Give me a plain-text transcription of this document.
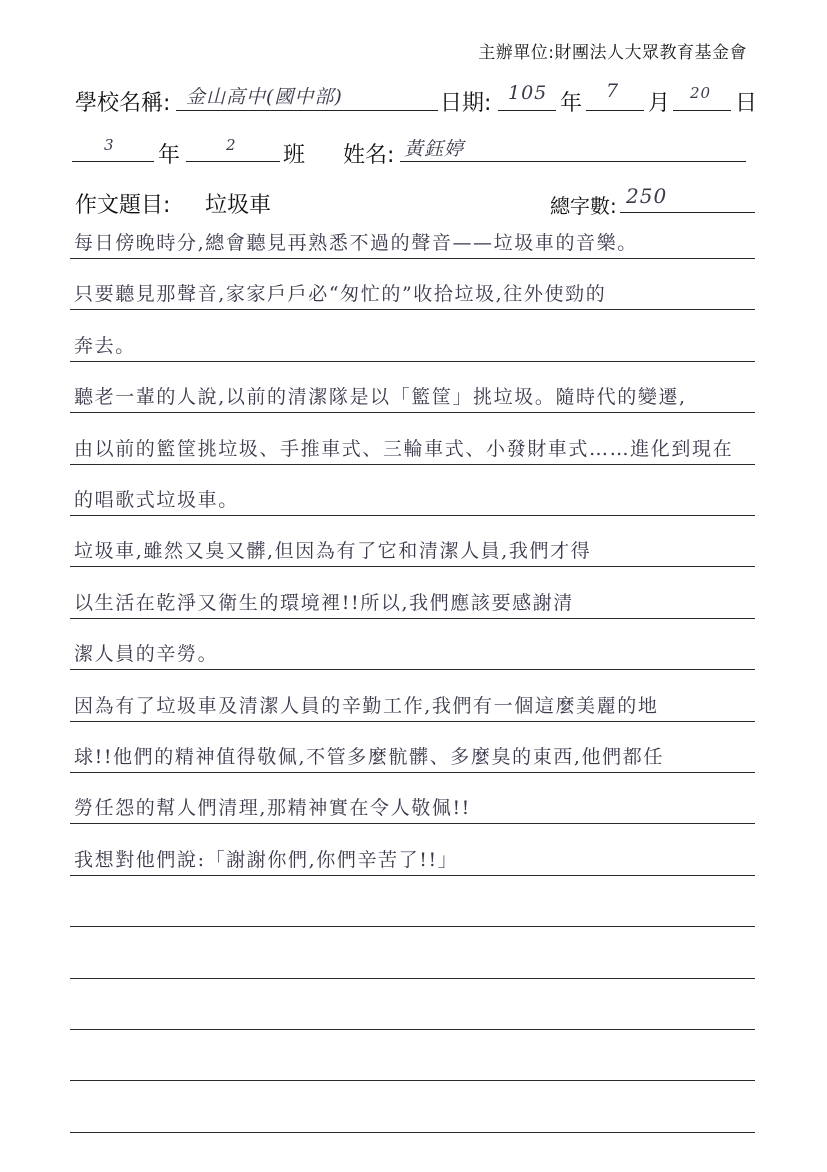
主辦單位:財團法人大眾教育基金會
學校名稱: 金山高中(國中部)	日期: 105 年 7 月 20 日
3 年	2 班 姓名: 黃鈺婷
作文題目: 垃圾車	總字數: 250
每日傍晚時分,總會聽見再熟悉不過的聲音——垃圾車的音樂。
只要聽見那聲音,家家戶戶必“匆忙的”收拾垃圾,往外使勁的
奔去。
聽老一輩的人說,以前的清潔隊是以「籃筐」挑垃圾。隨時代的變遷,
由以前的籃筐挑垃圾、手推車式、三輪車式、小發財車式……進化到現在
的唱歌式垃圾車。
垃圾車,雖然又臭又髒,但因為有了它和清潔人員,我們才得
以生活在乾淨又衛生的環境裡!!所以,我們應該要感謝清
潔人員的辛勞。
因為有了垃圾車及清潔人員的辛勤工作,我們有一個這麼美麗的地
球!!他們的精神值得敬佩,不管多麼骯髒、多麼臭的東西,他們都任
勞任怨的幫人們清理,那精神實在令人敬佩!!
我想對他們說:「謝謝你們,你們辛苦了!!」
